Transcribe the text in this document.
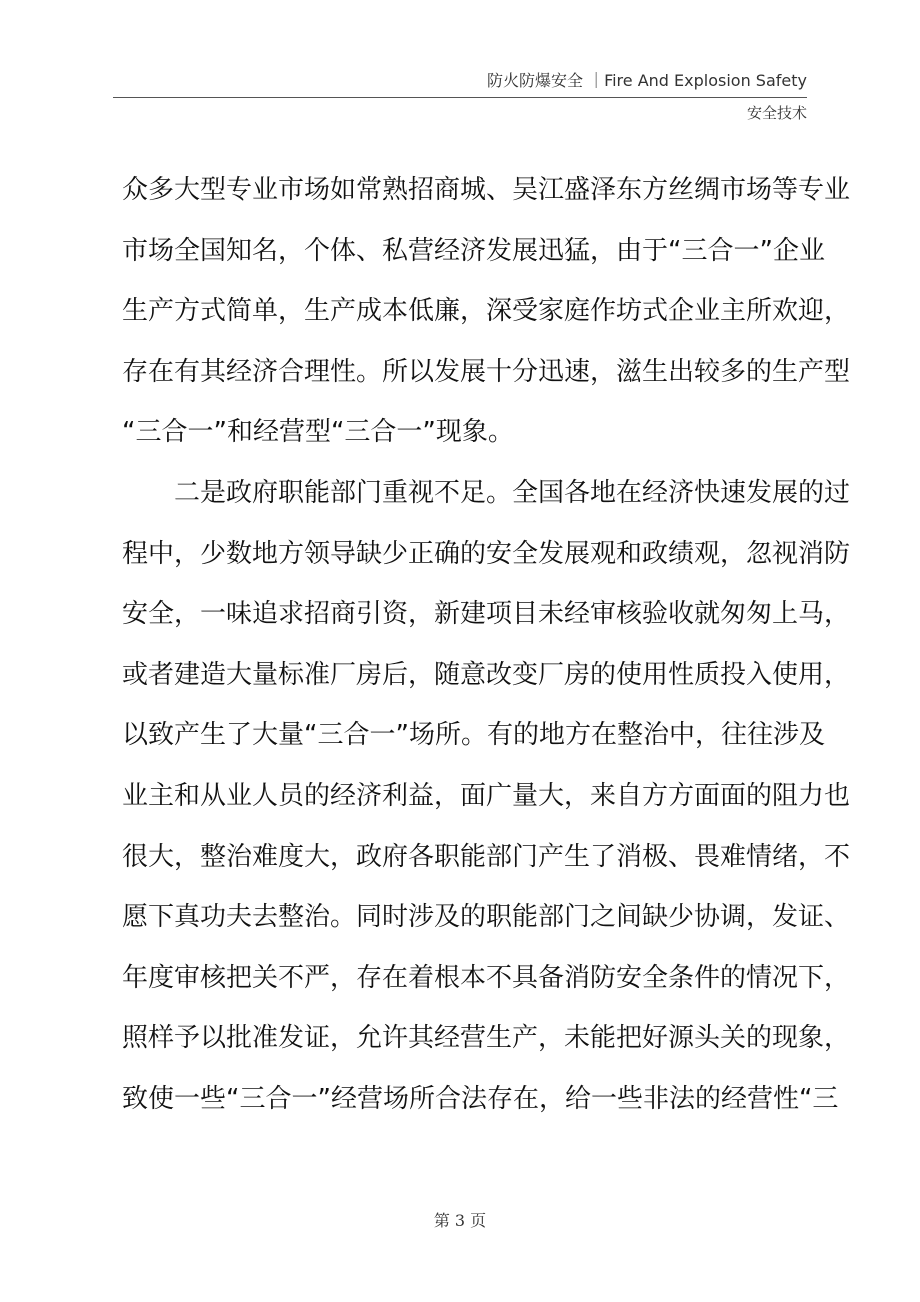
防火防爆安全 ｜Fire And Explosion Safety
安全技术
众多大型专业市场如常熟招商城、吴江盛泽东方丝绸市场等专业
市场全国知名，个体、私营经济发展迅猛，由于“三合一”企业
生产方式简单，生产成本低廉，深受家庭作坊式企业主所欢迎，
存在有其经济合理性。所以发展十分迅速，滋生出较多的生产型
“三合一”和经营型“三合一”现象。
二是政府职能部门重视不足。全国各地在经济快速发展的过
程中，少数地方领导缺少正确的安全发展观和政绩观，忽视消防
安全，一味追求招商引资，新建项目未经审核验收就匆匆上马，
或者建造大量标准厂房后，随意改变厂房的使用性质投入使用，
以致产生了大量“三合一”场所。有的地方在整治中，往往涉及
业主和从业人员的经济利益，面广量大，来自方方面面的阻力也
很大，整治难度大，政府各职能部门产生了消极、畏难情绪，不
愿下真功夫去整治。同时涉及的职能部门之间缺少协调，发证、
年度审核把关不严，存在着根本不具备消防安全条件的情况下，
照样予以批准发证，允许其经营生产，未能把好源头关的现象，
致使一些“三合一”经营场所合法存在，给一些非法的经营性“三
第 3 页
